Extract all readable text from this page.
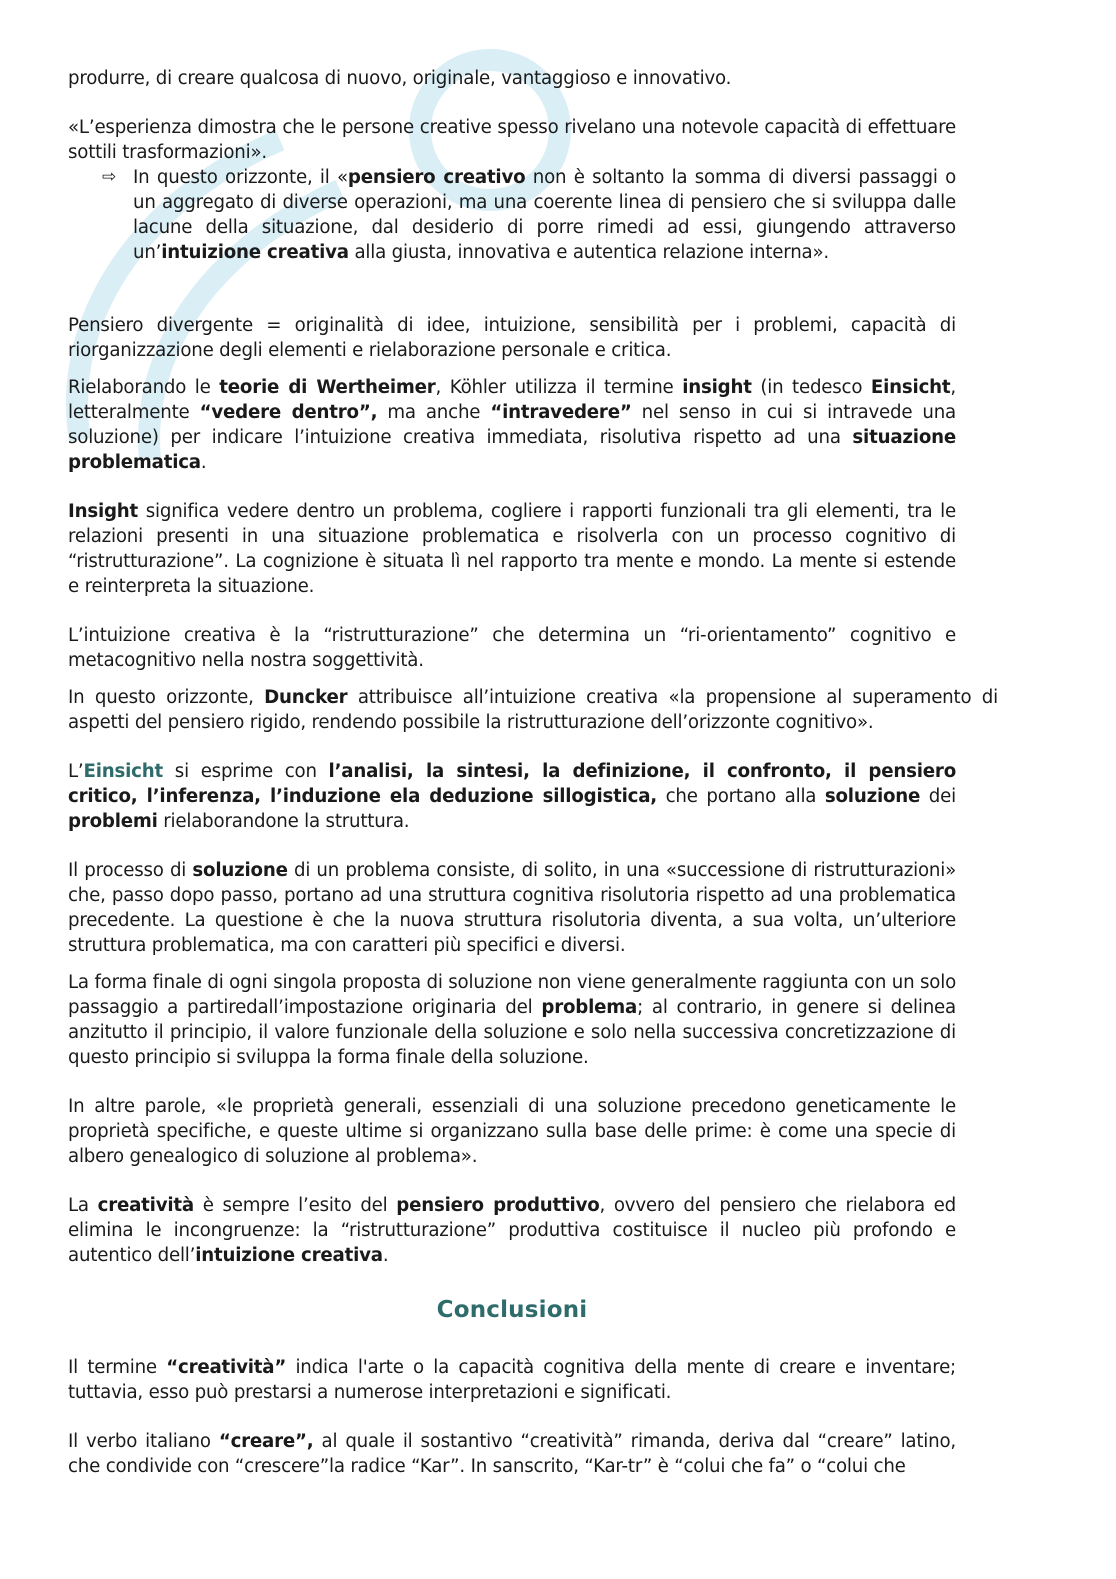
produrre, di creare qualcosa di nuovo, originale, vantaggioso e innovativo.

«L’esperienza dimostra che le persone creative spesso rivelano una notevole capacità di effettuare sottili trasformazioni».

⇨ In questo orizzonte, il «pensiero creativo non è soltanto la somma di diversi passaggi o un aggregato di diverse operazioni, ma una coerente linea di pensiero che si sviluppa dalle lacune della situazione, dal desiderio di porre rimedi ad essi, giungendo attraverso un’intuizione creativa alla giusta, innovativa e autentica relazione interna».

Pensiero divergente = originalità di idee, intuizione, sensibilità per i problemi, capacità di riorganizzazione degli elementi e rielaborazione personale e critica.

Rielaborando le teorie di Wertheimer, Köhler utilizza il termine insight (in tedesco Einsicht, letteralmente “vedere dentro”, ma anche “intravedere” nel senso in cui si intravede una soluzione) per indicare l’intuizione creativa immediata, risolutiva rispetto ad una situazione problematica.

Insight significa vedere dentro un problema, cogliere i rapporti funzionali tra gli elementi, tra le relazioni presenti in una situazione problematica e risolverla con un processo cognitivo di “ristrutturazione”. La cognizione è situata lì nel rapporto tra mente e mondo. La mente si estende e reinterpreta la situazione.

L’intuizione creativa è la “ristrutturazione” che determina un “ri-orientamento” cognitivo e metacognitivo nella nostra soggettività.

In questo orizzonte, Duncker attribuisce all’intuizione creativa «la propensione al superamento di aspetti del pensiero rigido, rendendo possibile la ristrutturazione dell’orizzonte cognitivo».

L’Einsicht si esprime con l’analisi, la sintesi, la definizione, il confronto, il pensiero critico, l’inferenza, l’induzione ela deduzione sillogistica, che portano alla soluzione dei problemi rielaborandone la struttura.

Il processo di soluzione di un problema consiste, di solito, in una «successione di ristrutturazioni» che, passo dopo passo, portano ad una struttura cognitiva risolutoria rispetto ad una problematica precedente. La questione è che la nuova struttura risolutoria diventa, a sua volta, un’ulteriore struttura problematica, ma con caratteri più specifici e diversi.

La forma finale di ogni singola proposta di soluzione non viene generalmente raggiunta con un solo passaggio a partiredall’impostazione originaria del problema; al contrario, in genere si delinea anzitutto il principio, il valore funzionale della soluzione e solo nella successiva concretizzazione di questo principio si sviluppa la forma finale della soluzione.

In altre parole, «le proprietà generali, essenziali di una soluzione precedono geneticamente le proprietà specifiche, e queste ultime si organizzano sulla base delle prime: è come una specie di albero genealogico di soluzione al problema».

La creatività è sempre l’esito del pensiero produttivo, ovvero del pensiero che rielabora ed elimina le incongruenze: la “ristrutturazione” produttiva costituisce il nucleo più profondo e autentico dell’intuizione creativa.

Conclusioni

Il termine “creatività” indica l'arte o la capacità cognitiva della mente di creare e inventare; tuttavia, esso può prestarsi a numerose interpretazioni e significati.

Il verbo italiano “creare”, al quale il sostantivo “creatività” rimanda, deriva dal “creare” latino, che condivide con “crescere”la radice “Kar”. In sanscrito, “Kar-tr” è “colui che fa” o “colui che
